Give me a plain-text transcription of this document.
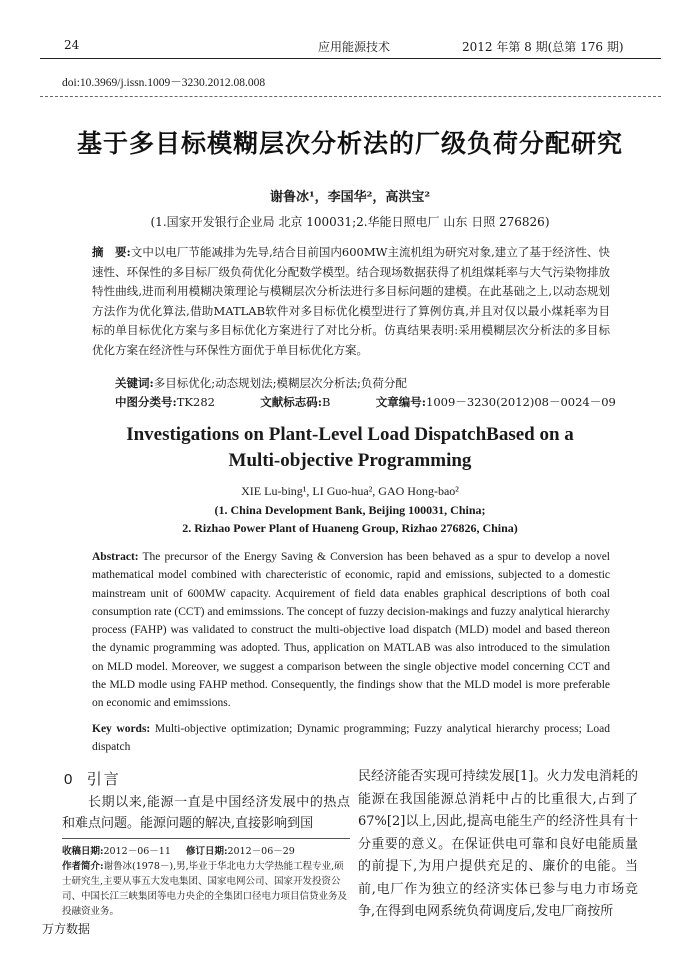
24	应用能源技术	2012 年第 8 期(总第 176 期)
doi:10.3969/j.issn.1009－3230.2012.08.008
基于多目标模糊层次分析法的厂级负荷分配研究
谢鲁冰¹，李国华²，高洪宝²
(1.国家开发银行企业局 北京 100031;2.华能日照电厂 山东 日照 276826)
摘　要:文中以电厂节能减排为先导,结合目前国内600MW主流机组为研究对象,建立了基于经济性、快速性、环保性的多目标厂级负荷优化分配数学模型。结合现场数据获得了机组煤耗率与大气污染物排放特性曲线,进而利用模糊决策理论与模糊层次分析法进行多目标问题的建模。在此基础之上,以动态规划方法作为优化算法,借助MATLAB软件对多目标优化模型进行了算例仿真,并且对仅以最小煤耗率为目标的单目标优化方案与多目标优化方案进行了对比分析。仿真结果表明:采用模糊层次分析法的多目标优化方案在经济性与环保性方面优于单目标优化方案。
关键词:多目标优化;动态规划法;模糊层次分析法;负荷分配
中图分类号:TK282	文献标志码:B	文章编号:1009－3230(2012)08－0024－09
Investigations on Plant-Level Load DispatchBased on a
Multi-objective Programming
XIE Lu-bing¹, LI Guo-hua², GAO Hong-bao²
(1. China Development Bank, Beijing 100031, China;
2. Rizhao Power Plant of Huaneng Group, Rizhao 276826, China)
Abstract: The precursor of the Energy Saving & Conversion has been behaved as a spur to develop a novel mathematical model combined with charecteristic of economic, rapid and emissions, subjected to a domestic mainstream unit of 600MW capacity. Acquirement of field data enables graphical descriptions of both coal consumption rate (CCT) and emimssions. The concept of fuzzy decision-makings and fuzzy analytical hierarchy process (FAHP) was validated to construct the multi-objective load dispatch (MLD) model and based thereon the dynamic programming was adopted. Thus, application on MATLAB was also introduced to the simulation on MLD model. Moreover, we suggest a comparison between the single objective model concerning CCT and the MLD modle using FAHP method. Consequently, the findings show that the MLD model is more preferable on economic and emimssions.
Key words: Multi-objective optimization; Dynamic programming; Fuzzy analytical hierarchy process; Load dispatch
0 引言
长期以来,能源一直是中国经济发展中的热点和难点问题。能源问题的解决,直接影响到国
收稿日期:2012－06－11 修订日期:2012－06－29
作者简介:谢鲁冰(1978－),男,毕业于华北电力大学热能工程专业,硕士研究生,主要从事五大发电集团、国家电网公司、国家开发投资公司、中国长江三峡集团等电力央企的全集团口径电力项目信贷业务及投融资业务。
民经济能否实现可持续发展[1]。火力发电消耗的能源在我国能源总消耗中占的比重很大,占到了67%[2]以上,因此,提高电能生产的经济性具有十分重要的意义。在保证供电可靠和良好电能质量的前提下,为用户提供充足的、廉价的电能。当前,电厂作为独立的经济实体已参与电力市场竞争,在得到电网系统负荷调度后,发电厂商按所
万方数据
